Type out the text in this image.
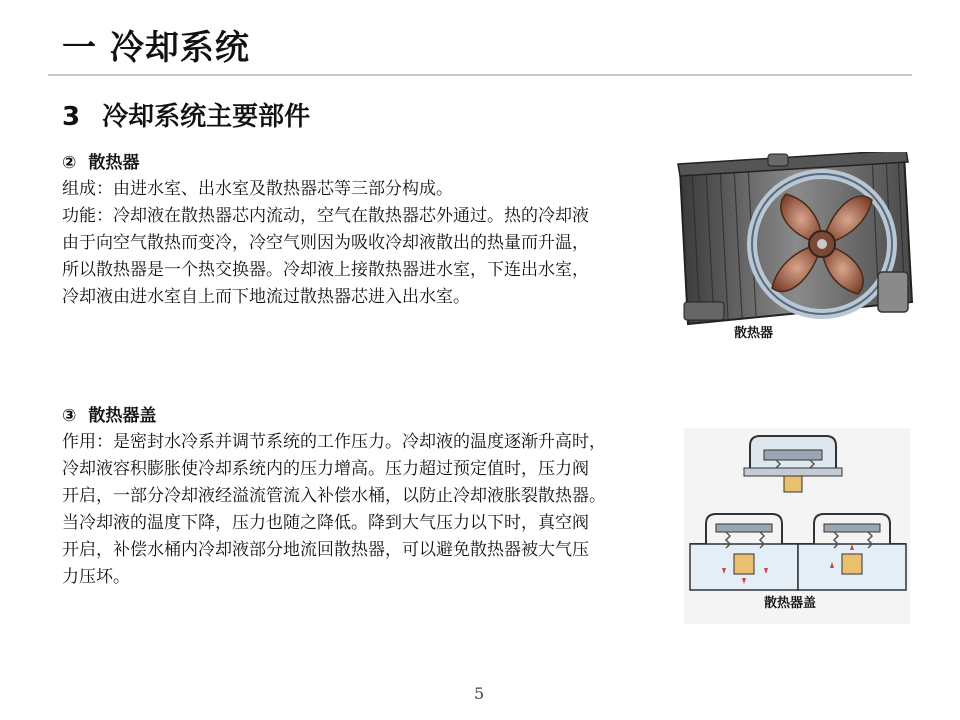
一 冷却系统
3 冷却系统主要部件
② 散热器
组成：由进水室、出水室及散热器芯等三部分构成。
功能：冷却液在散热器芯内流动，空气在散热器芯外通过。热的冷却液
由于向空气散热而变冷，冷空气则因为吸收冷却液散出的热量而升温，
所以散热器是一个热交换器。冷却液上接散热器进水室，下连出水室，
冷却液由进水室自上而下地流过散热器芯进入出水室。
散热器
③ 散热器盖
作用：是密封水冷系并调节系统的工作压力。冷却液的温度逐渐升高时，
冷却液容积膨胀使冷却系统内的压力增高。压力超过预定值时，压力阀
开启，一部分冷却液经溢流管流入补偿水桶，以防止冷却液胀裂散热器。
当冷却液的温度下降，压力也随之降低。降到大气压力以下时，真空阀
开启，补偿水桶内冷却液部分地流回散热器，可以避免散热器被大气压
力压坏。
散热器盖
5
